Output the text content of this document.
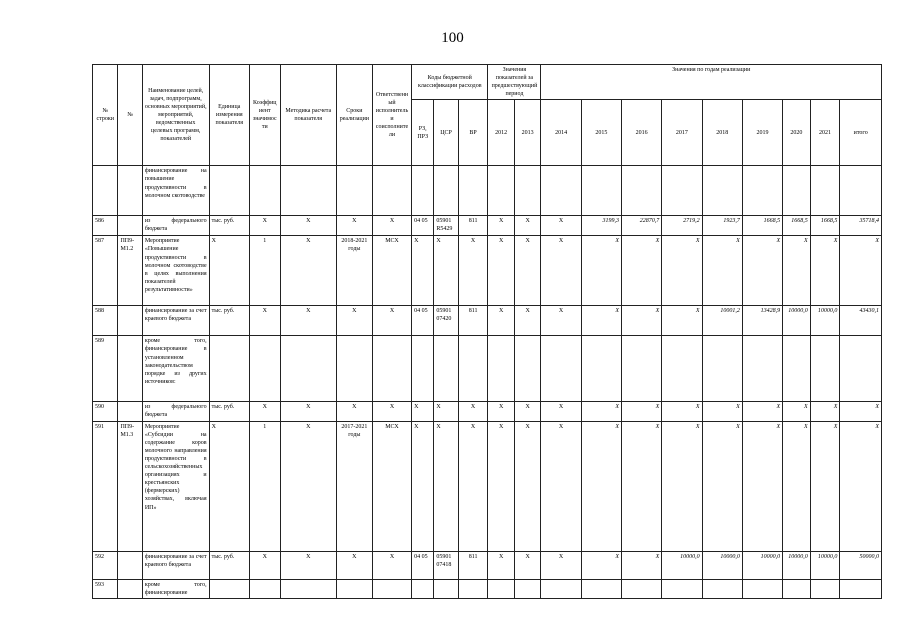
100
№ строки	№	Наименование целей, задач, подпрограмм, основных мероприятий, мероприятий, ведомственных целевых программ, показателей	Единица измерения показателя	Коэффициент значимости	Методика расчета показателя	Сроки реализации	Ответственный исполнитель и соисполнители	Коды бюджетной классификации расходов			Значения показателей за предшествующий период		Значения по годам реализации								
								РЗ, ПРЗ	ЦСР	ВР	2012	2013	2014	2015	2016	2017	2018	2019	2020	2021	итого
		финансирование на повышение продуктивности в молочном скотоводстве																			
586		из федерального бюджета	тыс. руб.	X	X	X	X	04 05	05901 R5429	811	X	X	X	3199,3	22870,7	2719,2	1923,7	1668,5	1668,5	1668,5	35718,4
587	ПП9-М1.2	Мероприятие «Повышение продуктивности в молочном скотоводстве в целях выполнения показателей результативности»	X	1	X	2018-2021 годы	МСХ	X	X	X	X	X	X	X	X	X	X	X	X	X	X
588		финансирование за счет краевого бюджета	тыс. руб.	X	X	X	X	04 05	05901 07420	811	X	X	X	X	X	X	10001,2	13428,9	10000,0	10000,0	43430,1
589		кроме того, финансирование в установленном законодательством порядке из других источников:																			
590		из федерального бюджета	тыс. руб.	X	X	X	X	X	X	X	X	X	X	X	X	X	X	X	X	X	X
591	ПП9-М1.3	Мероприятие «Субсидии на содержание коров молочного направления продуктивности в сельскохозяйственных организациях и крестьянских (фермерских) хозяйствах, включая ИП»	X	1	X	2017-2021 годы	МСХ	X	X	X	X	X	X	X	X	X	X	X	X	X	X
592		финансирование за счет краевого бюджета	тыс. руб.	X	X	X	X	04 05	05901 07418	811	X	X	X	X	X	10000,0	10000,0	10000,0	10000,0	10000,0	50000,0
593		кроме того, финансирование																			
